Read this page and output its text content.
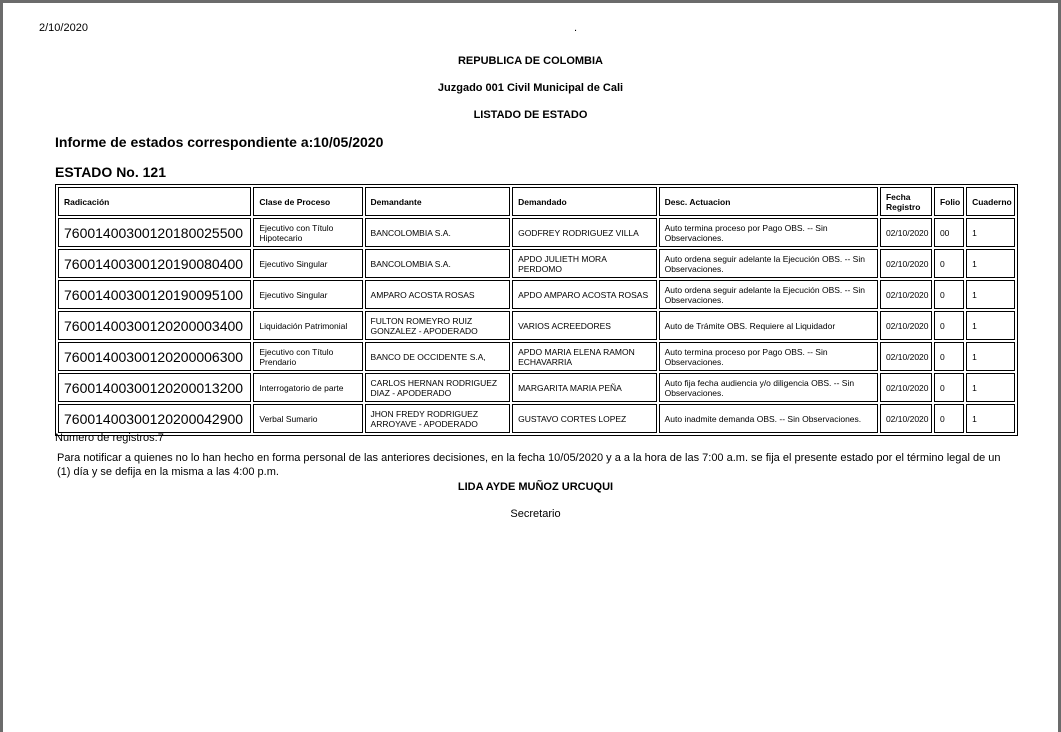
2/10/2020	.
REPUBLICA DE COLOMBIA
Juzgado 001 Civil Municipal de Cali
LISTADO DE ESTADO
Informe de estados correspondiente a:10/05/2020
ESTADO No. 121
Radicación	Clase de Proceso	Demandante	Demandado	Desc. Actuacion	Fecha Registro	Folio	Cuaderno
76001400300120180025500	Ejecutivo con Título Hipotecario	BANCOLOMBIA S.A.	GODFREY RODRIGUEZ VILLA	Auto termina proceso por Pago OBS. -- Sin Observaciones.	02/10/2020	00	1
76001400300120190080400	Ejecutivo Singular	BANCOLOMBIA S.A.	APDO JULIETH MORA PERDOMO	Auto ordena seguir adelante la Ejecución OBS. -- Sin Observaciones.	02/10/2020	0	1
76001400300120190095100	Ejecutivo Singular	AMPARO ACOSTA ROSAS	APDO AMPARO ACOSTA ROSAS	Auto ordena seguir adelante la Ejecución OBS. -- Sin Observaciones.	02/10/2020	0	1
76001400300120200003400	Liquidación Patrimonial	FULTON ROMEYRO RUIZ GONZALEZ - APODERADO	VARIOS ACREEDORES	Auto de Trámite OBS. Requiere al Liquidador	02/10/2020	0	1
76001400300120200006300	Ejecutivo con Título Prendario	BANCO DE OCCIDENTE S.A,	APDO MARIA ELENA RAMON ECHAVARRIA	Auto termina proceso por Pago OBS. -- Sin Observaciones.	02/10/2020	0	1
76001400300120200013200	Interrogatorio de parte	CARLOS HERNAN RODRIGUEZ DIAZ - APODERADO	MARGARITA MARIA PEÑA	Auto fija fecha audiencia y/o diligencia OBS. -- Sin Observaciones.	02/10/2020	0	1
76001400300120200042900	Verbal Sumario	JHON FREDY RODRIGUEZ ARROYAVE - APODERADO	GUSTAVO CORTES LOPEZ	Auto inadmite demanda OBS. -- Sin Observaciones.	02/10/2020	0	1
Numero de registros:7
Para notificar a quienes no lo han hecho en forma personal de las anteriores decisiones, en la fecha 10/05/2020 y a a la hora de las 7:00 a.m. se fija el presente estado por el término legal de un (1) día y se defija en la misma a las 4:00 p.m.
LIDA AYDE MUÑOZ URCUQUI
Secretario
